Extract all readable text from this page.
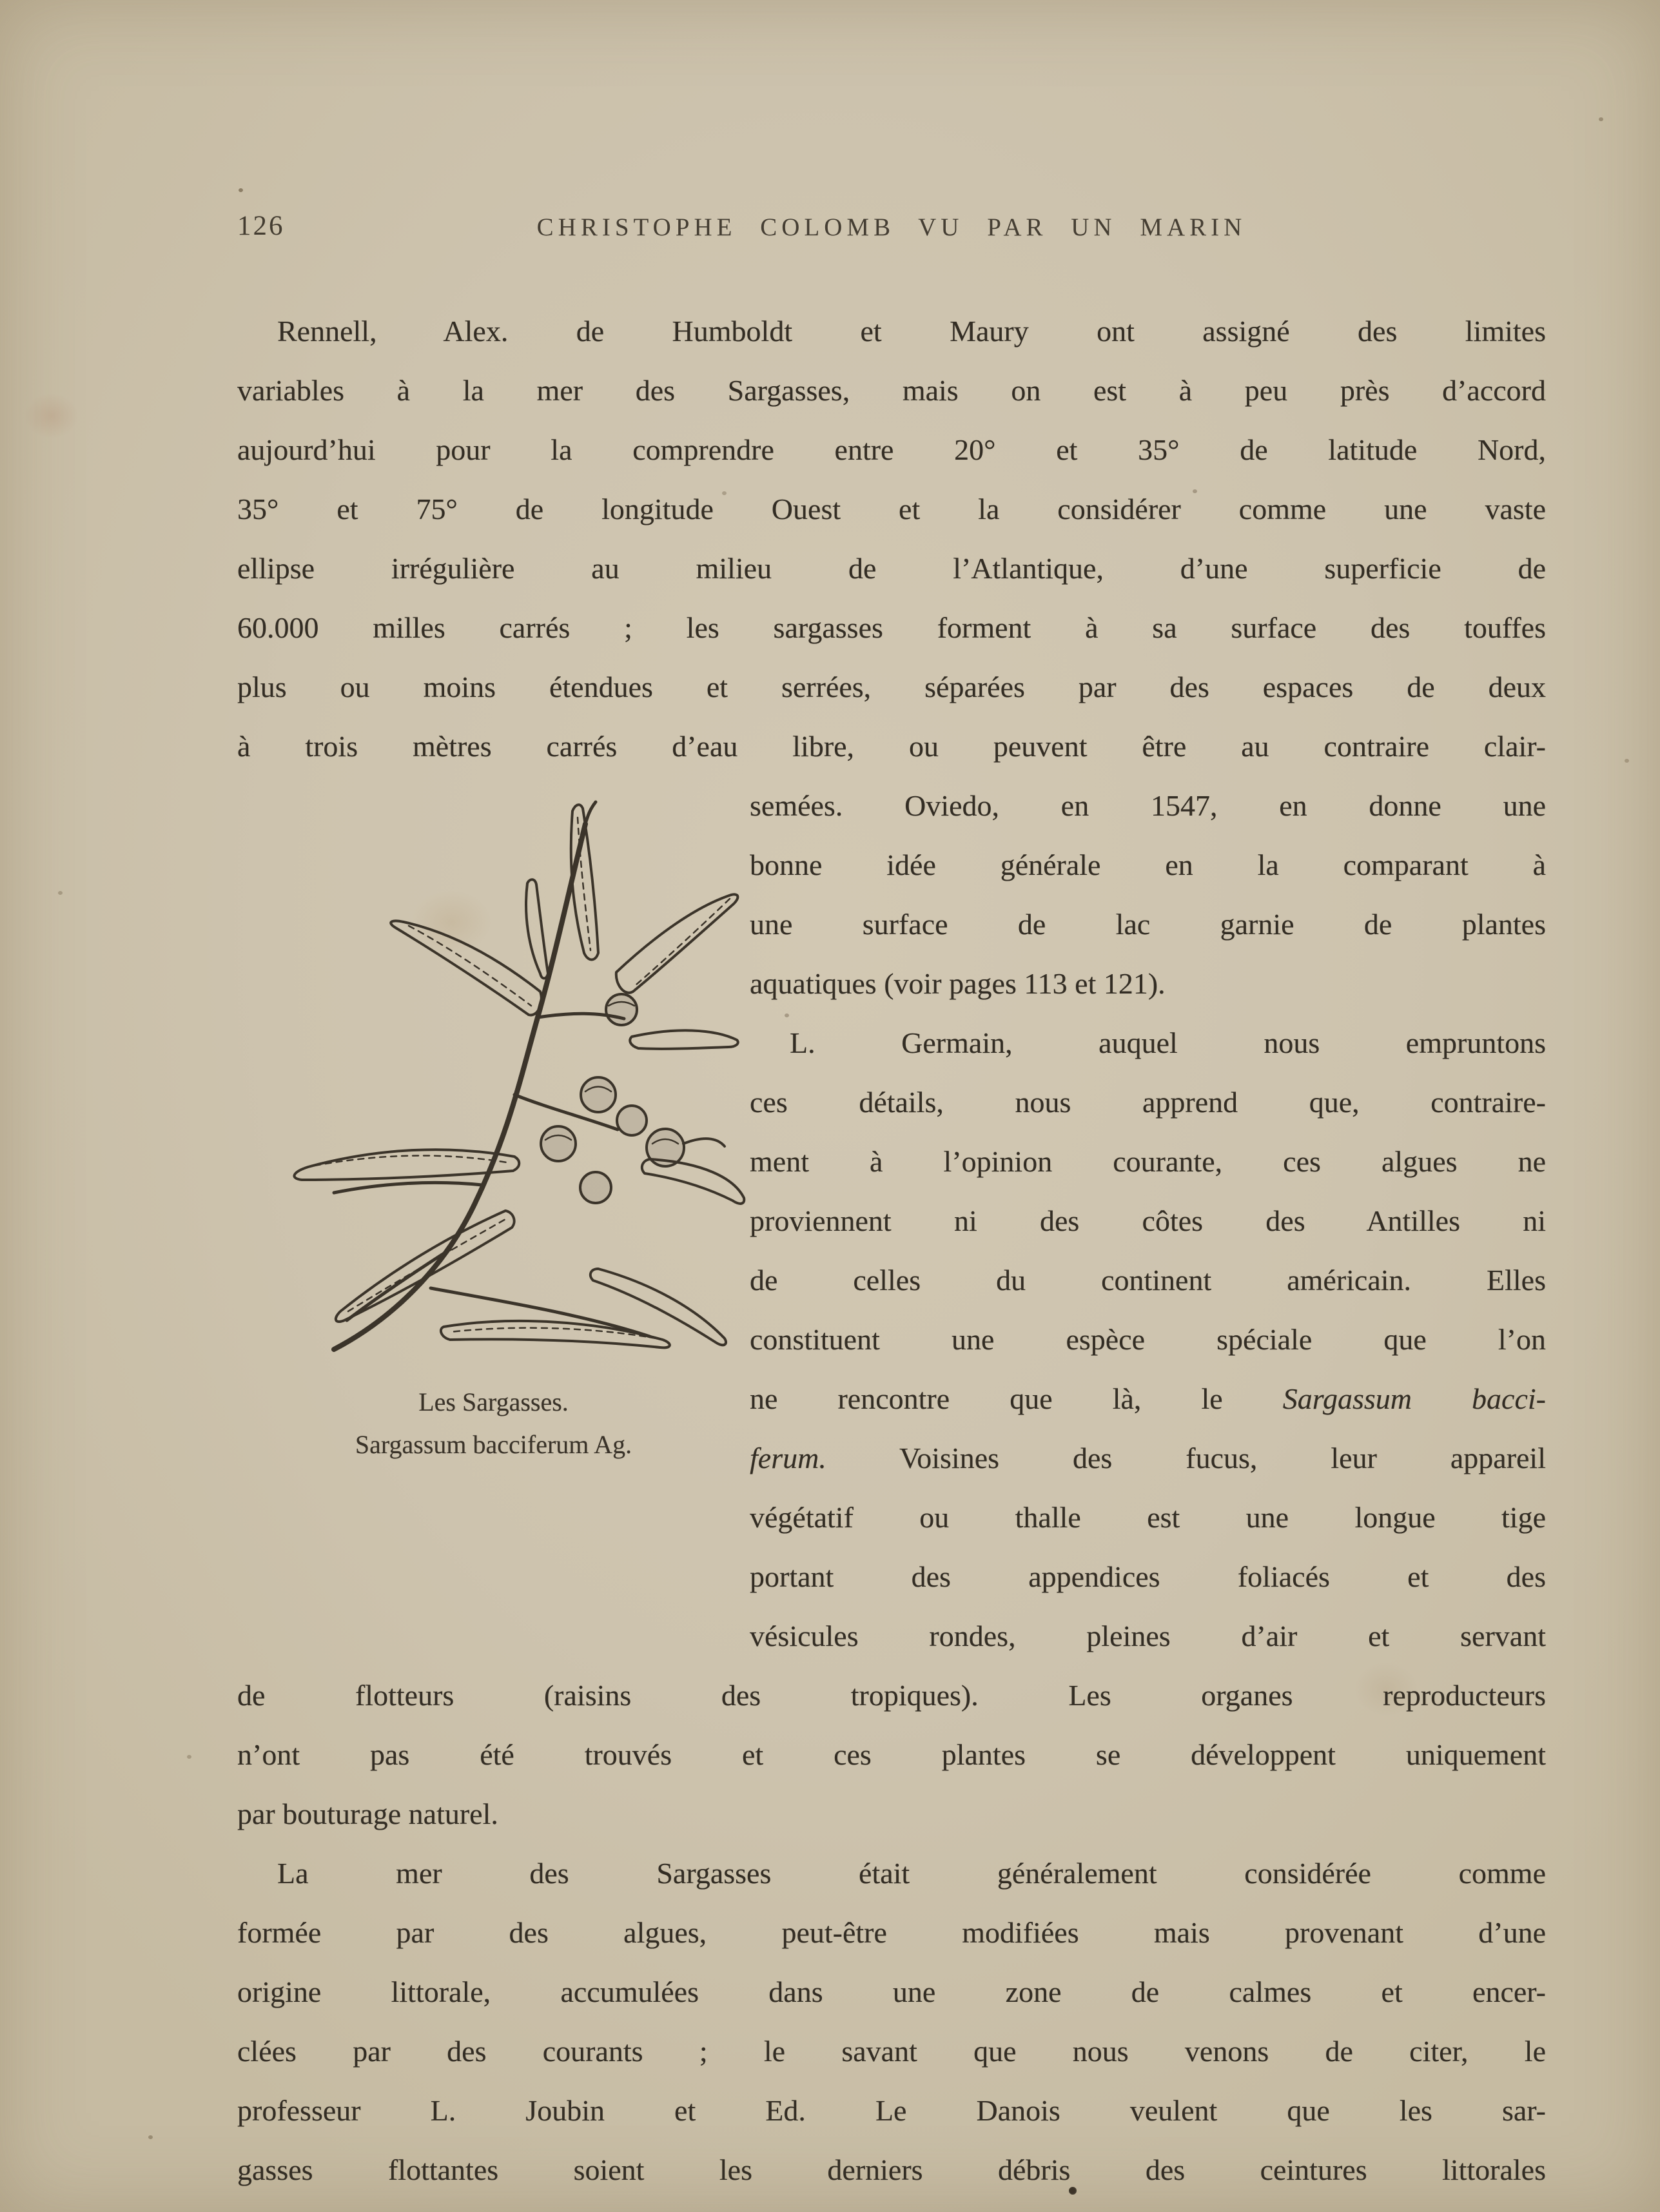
126	CHRISTOPHE COLOMB VU PAR UN MARIN
Rennell, Alex. de Humboldt et Maury ont assigné des limites
variables à la mer des Sargasses, mais on est à peu près d’accord
aujourd’hui pour la comprendre entre 20° et 35° de latitude Nord,
35° et 75° de longitude Ouest et la considérer comme une vaste
ellipse irrégulière au milieu de l’Atlantique, d’une superficie de
60.000 milles carrés ; les sargasses forment à sa surface des touffes
plus ou moins étendues et serrées, séparées par des espaces de deux
à trois mètres carrés d’eau libre, ou peuvent être au contraire clair-
Les Sargasses.
Sargassum bacciferum Ag.
semées. Oviedo, en 1547, en donne une
bonne idée générale en la comparant à
une surface de lac garnie de plantes
aquatiques (voir pages 113 et 121).
L. Germain, auquel nous empruntons
ces détails, nous apprend que, contraire-
ment à l’opinion courante, ces algues ne
proviennent ni des côtes des Antilles ni
de celles du continent américain. Elles
constituent une espèce spéciale que l’on
ne rencontre que là, le Sargassum bacci-
ferum. Voisines des fucus, leur appareil
végétatif ou thalle est une longue tige
portant des appendices foliacés et des
vésicules rondes, pleines d’air et servant
de flotteurs (raisins des tropiques). Les organes reproducteurs
n’ont pas été trouvés et ces plantes se développent uniquement
par bouturage naturel.
La mer des Sargasses était généralement considérée comme
formée par des algues, peut-être modifiées mais provenant d’une
origine littorale, accumulées dans une zone de calmes et encer-
clées par des courants ; le savant que nous venons de citer, le
professeur L. Joubin et Ed. Le Danois veulent que les sar-
gasses flottantes soient les derniers débris des ceintures littorales
